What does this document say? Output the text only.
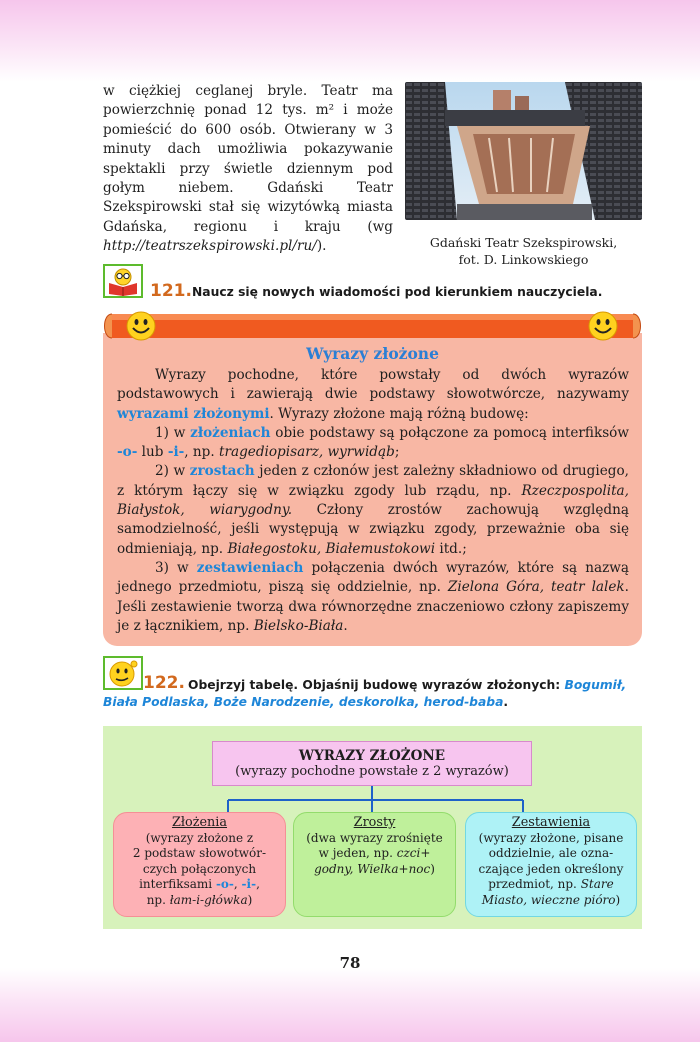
w ciężkiej ceglanej bryle. Teatr ma powierzchnię ponad 12 tys. m² i może pomieścić do 600 osób. Otwierany w 3 minuty dach umożliwia pokazywanie spektakli przy świetle dziennym pod gołym niebem. Gdański Teatr Szekspirowski stał się wizytówką miasta Gdańska, regionu i kraju (wg http://teatrszekspirowski.pl/ru/).	Gdański Teatr Szekspirowski,
fot. D. Linkowskiego
121. Naucz się nowych wiadomości pod kierunkiem nauczyciela.
Wyrazy złożone

Wyrazy pochodne, które powstały od dwóch wyrazów podstawowych i zawierają dwie podstawy słowotwórcze, nazywamy wyrazami złożonymi. Wyrazy złożone mają różną budowę:

1) w złożeniach obie podstawy są połączone za pomocą interfiksów -o- lub -i-, np. tragediopisarz, wyrwidąb;

2) w zrostach jeden z członów jest zależny składniowo od drugiego, z którym łączy się w związku zgody lub rządu, np. Rzeczpospolita, Białystok, wiarygodny. Człony zrostów zachowują względną samodzielność, jeśli występują w związku zgody, przeważnie oba się odmieniają, np. Białegostoku, Białemustokowi itd.;

3) w zestawieniach połączenia dwóch wyrazów, które są nazwą jednego przedmiotu, piszą się oddzielnie, np. Zielona Góra, teatr lalek. Jeśli zestawienie tworzą dwa równorzędne znaczeniowo człony zapiszemy je z łącznikiem, np. Bielsko-Biała.

122. Obejrzyj tabelę. Objaśnij budowę wyrazów złożonych: Bogumił, Biała Podlaska, Boże Narodzenie, deskorolka, herod-baba.
WYRAZY ZŁOŻONE
(wyrazy pochodne powstałe z 2 wyrazów)
Złożenia
(wyrazy złożone z
2 podstaw słowotwór-
czych połączonych
interfiksami -o-, -i-,
np. łam-i-główka)
Zrosty
(dwa wyrazy zrośnięte
w jeden, np. czci+
godny, Wielka+noc)
Zestawienia
(wyrazy złożone, pisane
oddzielnie, ale ozna-
czające jeden określony
przedmiot, np. Stare
Miasto, wieczne pióro)
78
